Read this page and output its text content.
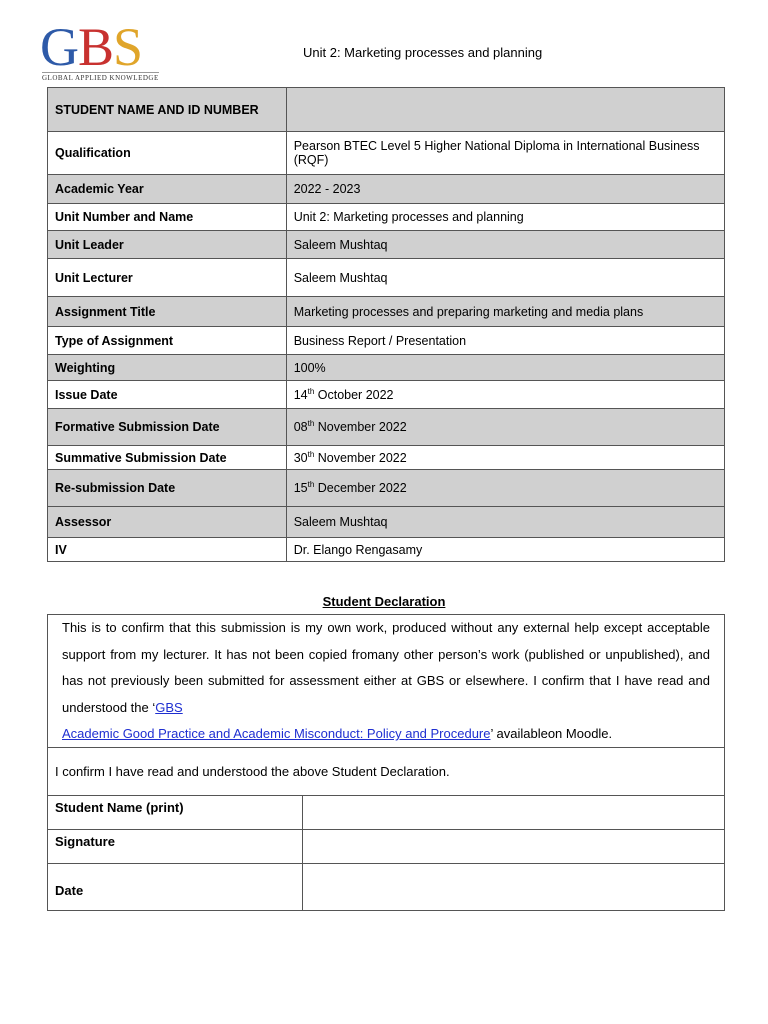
GBS
GLOBAL APPLIED KNOWLEDGE
Unit 2: Marketing processes and planning
STUDENT NAME AND ID NUMBER	
Qualification	Pearson BTEC Level 5 Higher National Diploma in International Business (RQF)
Academic Year	2022 - 2023
Unit Number and Name	Unit 2: Marketing processes and planning
Unit Leader	Saleem Mushtaq
Unit Lecturer	Saleem Mushtaq
Assignment Title	Marketing processes and preparing marketing and media plans
Type of Assignment	Business Report / Presentation
Weighting	100%
Issue Date	14th October 2022
Formative Submission Date	08th November 2022
Summative Submission Date	30th November 2022
Re-submission Date	15th December 2022
Assessor	Saleem Mushtaq
IV	Dr. Elango Rengasamy
Student Declaration
This is to confirm that this submission is my own work, produced without any external help except acceptable support from my lecturer. It has not been copied fromany other person’s work (published or unpublished), and has not previously been submitted for assessment either at GBS or elsewhere. I confirm that I have read and understood the ‘GBS
Academic Good Practice and Academic Misconduct: Policy and Procedure’ availableon Moodle.	

I confirm I have read and understood the above Student Declaration.	
Student Name (print)	
Signature	
Date	
